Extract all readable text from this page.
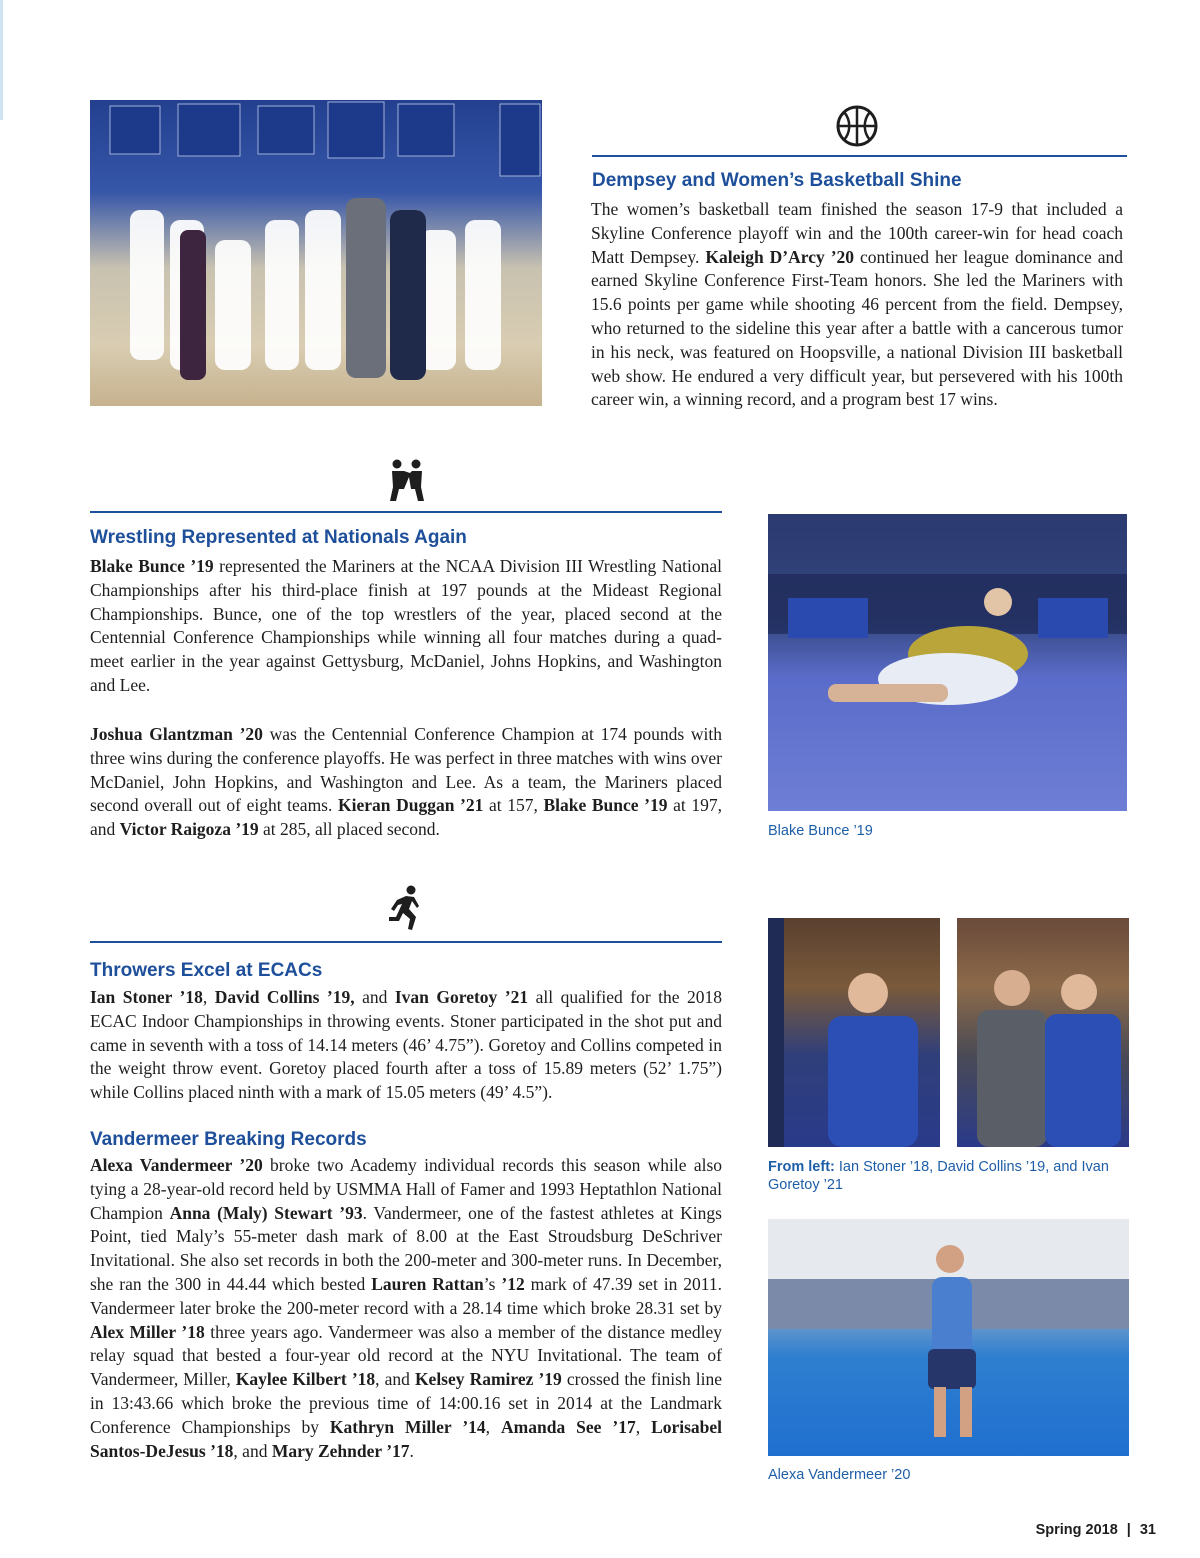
Dempsey and Women’s Basketball Shine
The women’s basketball team finished the season 17-9 that included a Skyline Conference playoff win and the 100th career-win for head coach Matt Dempsey. Kaleigh D’Arcy ’20 continued her league dominance and earned Skyline Conference First-Team honors. She led the Mariners with 15.6 points per game while shooting 46 percent from the field. Dempsey, who returned to the sideline this year after a battle with a cancerous tumor in his neck, was featured on Hoopsville, a national Division III basketball web show. He endured a very difficult year, but persevered with his 100th career win, a winning record, and a program best 17 wins.
Wrestling Represented at Nationals Again
Blake Bunce ’19 represented the Mariners at the NCAA Division III Wrestling National Championships after his third-place finish at 197 pounds at the Mideast Regional Championships. Bunce, one of the top wrestlers of the year, placed second at the Centennial Conference Championships while winning all four matches during a quad-meet earlier in the year against Gettysburg, McDaniel, Johns Hopkins, and Washington and Lee.
Joshua Glantzman ’20 was the Centennial Conference Champion at 174 pounds with three wins during the conference playoffs. He was perfect in three matches with wins over McDaniel, John Hopkins, and Washington and Lee. As a team, the Mariners placed second overall out of eight teams. Kieran Duggan ’21 at 157, Blake Bunce ’19 at 197, and Victor Raigoza ’19 at 285, all placed second.	Blake Bunce ’19
Throwers Excel at ECACs
Ian Stoner ’18, David Collins ’19, and Ivan Goretoy ’21 all qualified for the 2018 ECAC Indoor Championships in throwing events. Stoner participated in the shot put and came in seventh with a toss of 14.14 meters (46’ 4.75”). Goretoy and Collins competed in the weight throw event. Goretoy placed fourth after a toss of 15.89 meters (52’ 1.75”) while Collins placed ninth with a mark of 15.05 meters (49’ 4.5”).
From left: Ian Stoner ’18, David Collins ’19, and Ivan Goretoy ’21
Vandermeer Breaking Records
Alexa Vandermeer ’20 broke two Academy individual records this season while also tying a 28-year-old record held by USMMA Hall of Famer and 1993 Heptathlon National Champion Anna (Maly) Stewart ’93. Vandermeer, one of the fastest athletes at Kings Point, tied Maly’s 55-meter dash mark of 8.00 at the East Stroudsburg DeSchriver Invitational. She also set records in both the 200-meter and 300-meter runs. In December, she ran the 300 in 44.44 which bested Lauren Rattan’s ’12 mark of 47.39 set in 2011. Vandermeer later broke the 200-meter record with a 28.14 time which broke 28.31 set by Alex Miller ’18 three years ago. Vandermeer was also a member of the distance medley relay squad that bested a four-year old record at the NYU Invitational. The team of Vandermeer, Miller, Kaylee Kilbert ’18, and Kelsey Ramirez ’19 crossed the finish line in 13:43.66 which broke the previous time of 14:00.16 set in 2014 at the Landmark Conference Championships by Kathryn Miller ’14, Amanda See ’17, Lorisabel Santos-DeJesus ’18, and Mary Zehnder ’17.
Alexa Vandermeer ’20
Spring 2018 | 31
